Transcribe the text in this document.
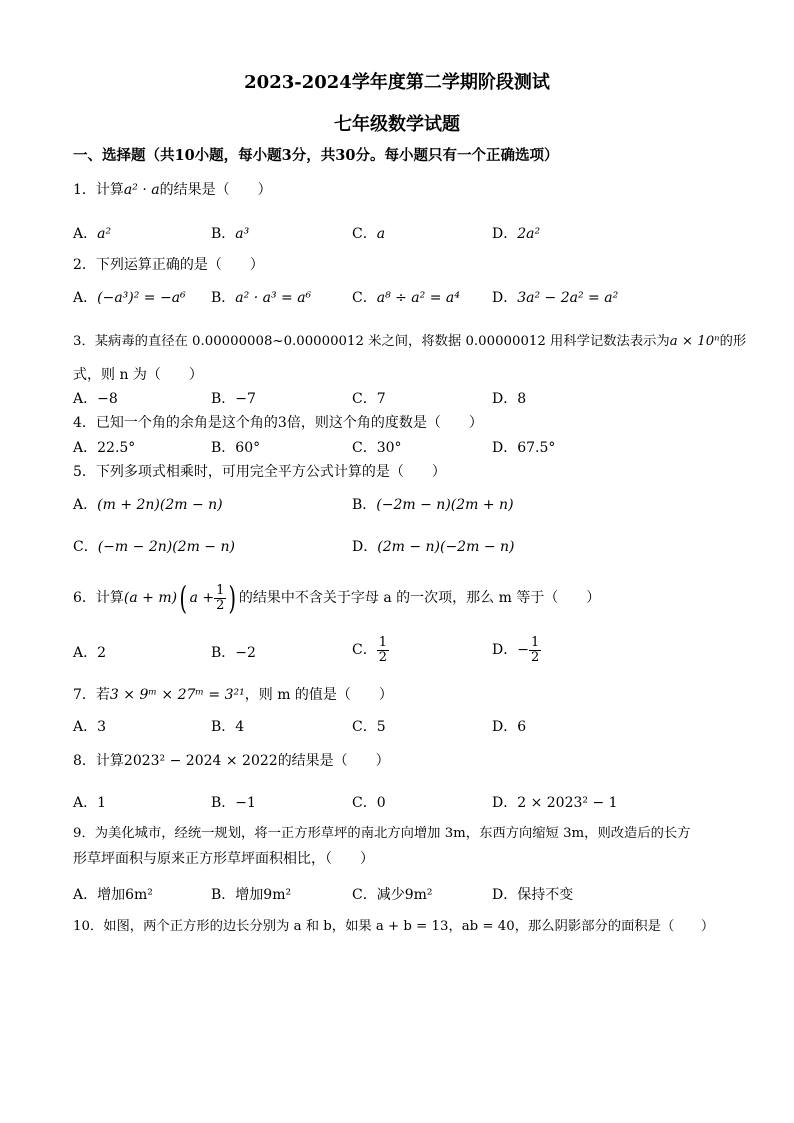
2023-2024学年度第二学期阶段测试
七年级数学试题
一、选择题（共10小题，每小题3分，共30分。每小题只有一个正确选项）
1．计算a² · a的结果是（　　）
A．a²	B．a³	C．a	D．2a²
2．下列运算正确的是（　　）
A．(−a³)² = −a⁶ B．a² · a³ = a⁶	C．a⁸ ÷ a² = a⁴ D．3a² − 2a² = a²
3．某病毒的直径在 0.00000008~0.00000012 米之间，将数据 0.00000012 用科学记数法表示为a × 10ⁿ的形
式，则 n 为（　　）
A．−8	B．−7	C．7	D．8
4．已知一个角的余角是这个角的3倍，则这个角的度数是（　　）
A．22.5°	B．60°	C．30°	D．67.5°
5．下列多项式相乘时，可用完全平方公式计算的是（　　）
A．(m + 2n)(2m − n)	B．(−2m − n)(2m + n)
C．(−m − 2n)(2m − n)	D．(2m − n)(−2m − n)
6．计算(a + m)( $a + \frac{1}{2}$ ) 的结果中不含关于字母 a 的一次项，那么 m 等于（　　）
A．2	B．−2	C． $\frac{1}{2}$	D．− $\frac{1}{2}$
7．若3 × 9ᵐ × 27ᵐ = 3²¹，则 m 的值是（　　）
A．3	B．4	C．5	D．6
8．计算2023² − 2024 × 2022的结果是（　　）
A．1	B．−1	C．0	D．2 × 2023² − 1
9．为美化城市，经统一规划，将一正方形草坪的南北方向增加 3m，东西方向缩短 3m，则改造后的长方
形草坪面积与原来正方形草坪面积相比，（　　）
A．增加6m²	B．增加9m²	C．减少9m²	D．保持不变
10．如图，两个正方形的边长分别为 a 和 b，如果 a + b = 13，ab = 40，那么阴影部分的面积是（　　）
